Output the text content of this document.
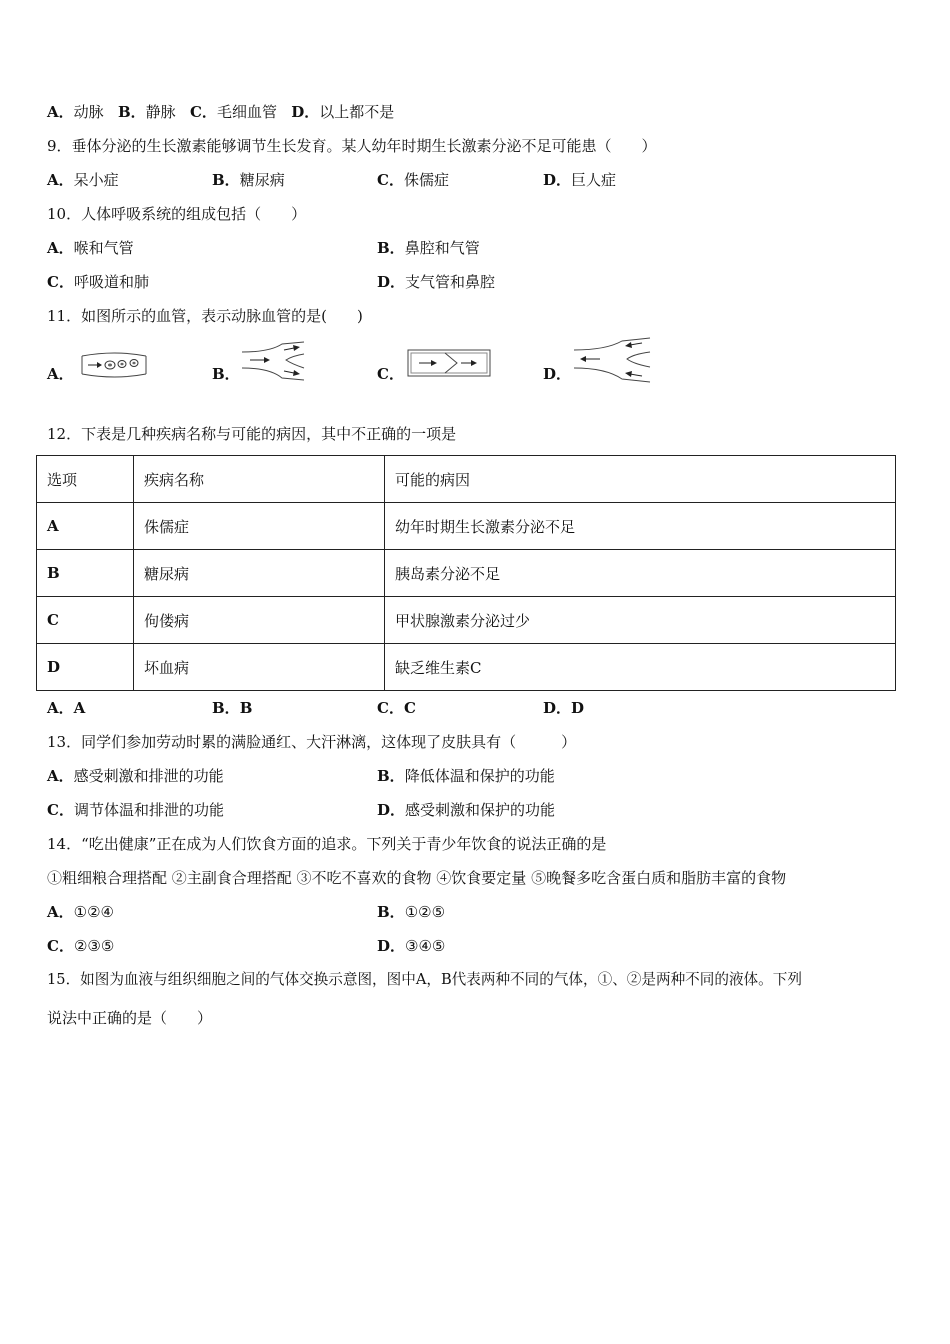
A．动脉 B．静脉 C．毛细血管 D．以上都不是
9．垂体分泌的生长激素能够调节生长发育。某人幼年时期生长激素分泌不足可能患（　　）
A．呆小症	B．糖尿病	C．侏儒症	D．巨人症
10．人体呼吸系统的组成包括（　　）
A．喉和气管	B．鼻腔和气管
C．呼吸道和肺	D．支气管和鼻腔
11．如图所示的血管，表示动脉血管的是(　　)
A．	B．	C．	D．
12．下表是几种疾病名称与可能的病因，其中不正确的一项是
选项	疾病名称	可能的病因
A	侏儒症	幼年时期生长激素分泌不足
B	糖尿病	胰岛素分泌不足
C	佝偻病	甲状腺激素分泌过少
D	坏血病	缺乏维生素C
A．A	B．B	C．C	D．D
13．同学们参加劳动时累的满脸通红、大汗淋漓，这体现了皮肤具有（　　　）
A．感受刺激和排泄的功能	B．降低体温和保护的功能
C．调节体温和排泄的功能	D．感受刺激和保护的功能
14．“吃出健康”正在成为人们饮食方面的追求。下列关于青少年饮食的说法正确的是
①粗细粮合理搭配 ②主副食合理搭配 ③不吃不喜欢的食物 ④饮食要定量 ⑤晚餐多吃含蛋白质和脂肪丰富的食物
A．①②④	B．①②⑤
C．②③⑤	D．③④⑤
15．如图为血液与组织细胞之间的气体交换示意图，图中A，B代表两种不同的气体，①、②是两种不同的液体。下列
说法中正确的是（　　）
